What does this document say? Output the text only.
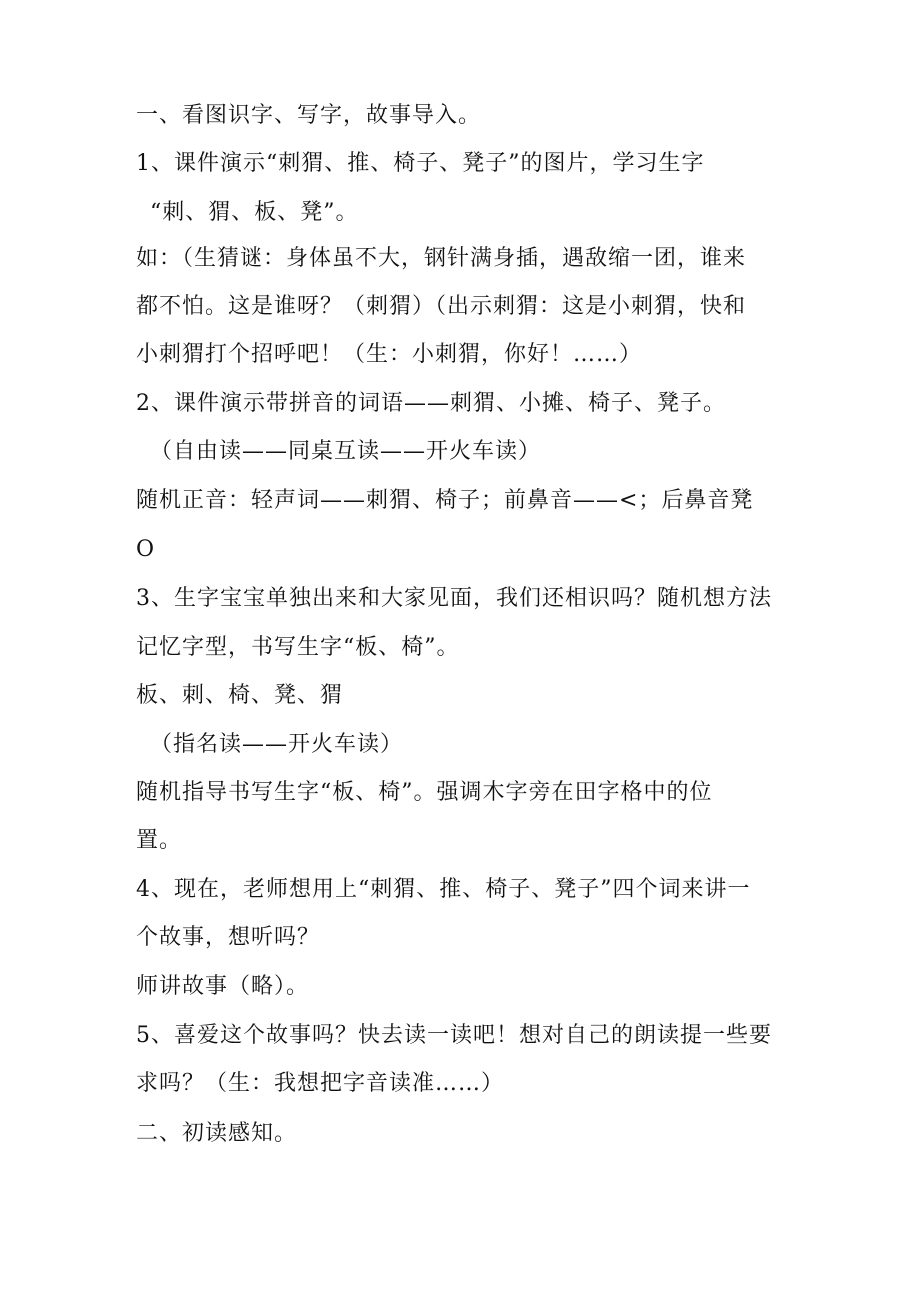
一、看图识字、写字，故事导入。
1、课件演示“刺猬、推、椅子、凳子”的图片，学习生字
“刺、猬、板、凳”。
如：（生猜谜：身体虽不大，钢针满身插，遇敌缩一团，谁来
都不怕。这是谁呀？（刺猬）（出示刺猬：这是小刺猬，快和
小刺猬打个招呼吧！（生：小刺猬，你好！……）
2、课件演示带拼音的词语——刺猬、小摊、椅子、凳子。
（自由读——同桌互读——开火车读）
随机正音：轻声词——刺猬、椅子；前鼻音——<；后鼻音凳
O
3、生字宝宝单独出来和大家见面，我们还相识吗？随机想方法
记忆字型，书写生字“板、椅”。
板、刺、椅、凳、猬
（指名读——开火车读）
随机指导书写生字“板、椅”。强调木字旁在田字格中的位
置。
4、现在，老师想用上“刺猬、推、椅子、凳子”四个词来讲一
个故事，想听吗？
师讲故事（略）。
5、喜爱这个故事吗？快去读一读吧！想对自己的朗读提一些要
求吗？（生：我想把字音读准……）
二、初读感知。
